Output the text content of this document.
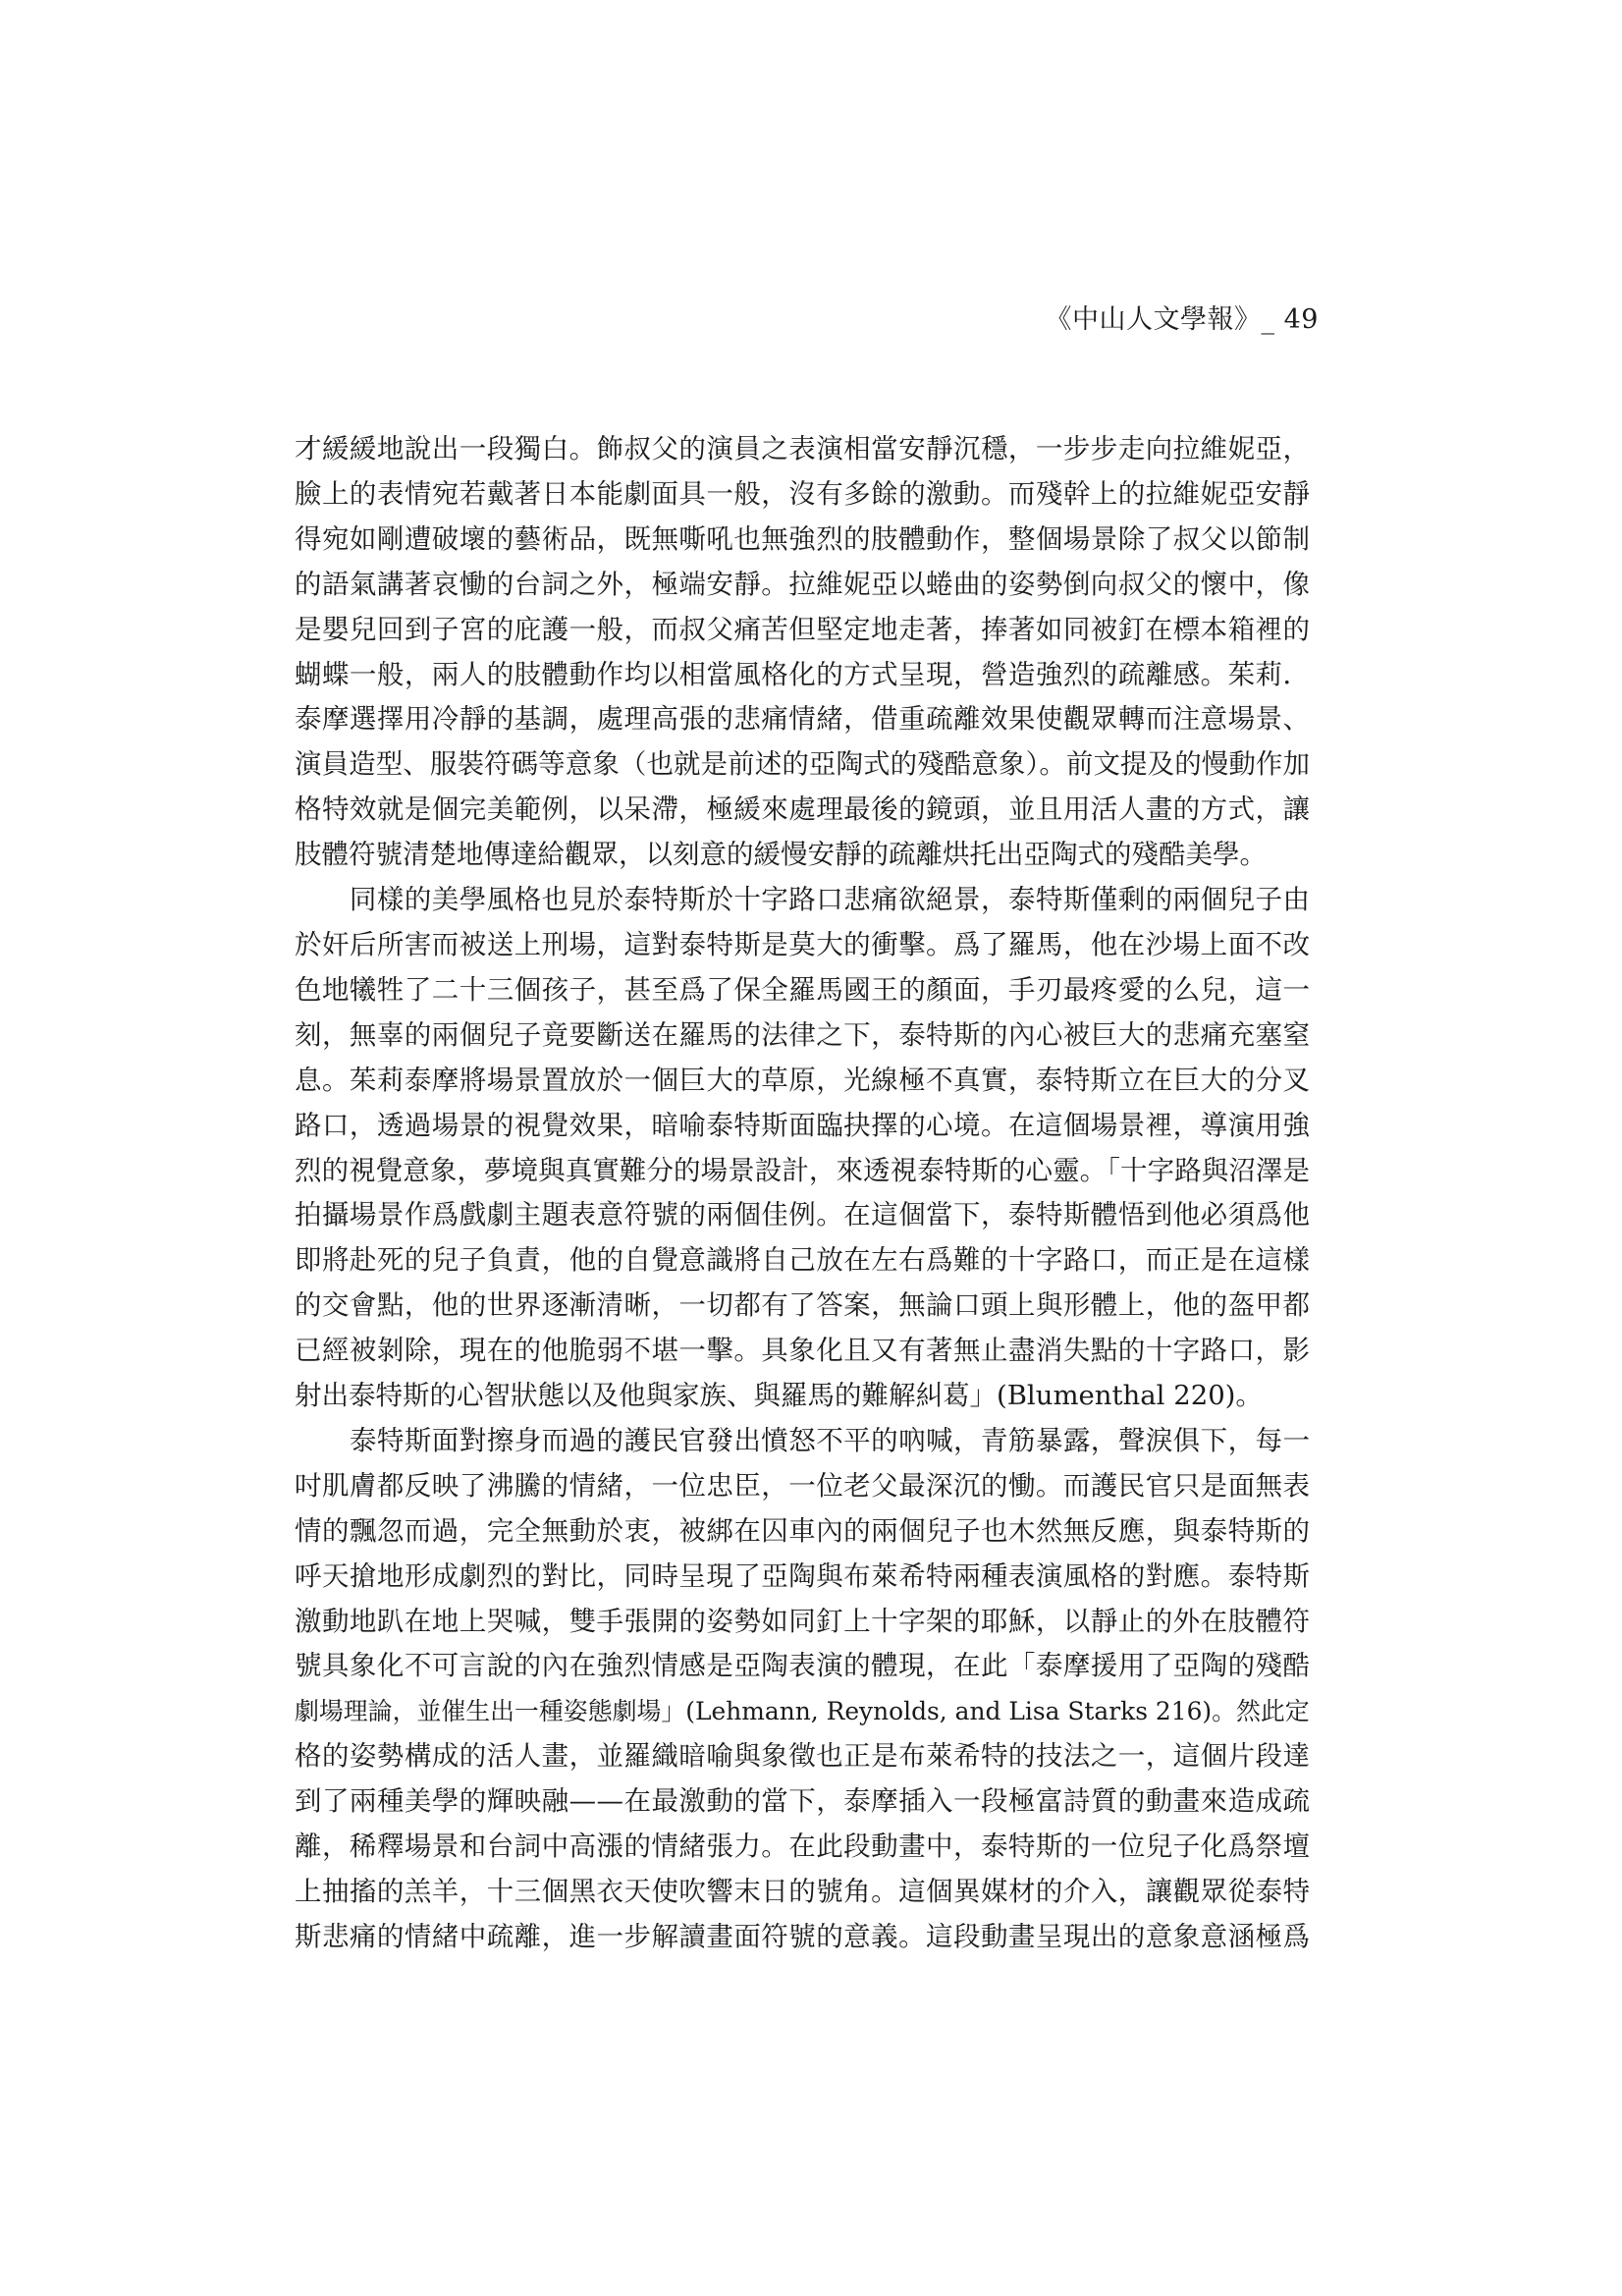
《中山人文學報》_ 49
才緩緩地說出一段獨白。飾叔父的演員之表演相當安靜沉穩，一步步走向拉維妮亞，
臉上的表情宛若戴著日本能劇面具一般，沒有多餘的激動。而殘幹上的拉維妮亞安靜
得宛如剛遭破壞的藝術品，既無嘶吼也無強烈的肢體動作，整個場景除了叔父以節制
的語氣講著哀慟的台詞之外，極端安靜。拉維妮亞以蜷曲的姿勢倒向叔父的懷中，像
是嬰兒回到子宮的庇護一般，而叔父痛苦但堅定地走著，捧著如同被釘在標本箱裡的
蝴蝶一般，兩人的肢體動作均以相當風格化的方式呈現，營造強烈的疏離感。茱莉．
泰摩選擇用冷靜的基調，處理高張的悲痛情緒，借重疏離效果使觀眾轉而注意場景、
演員造型、服裝符碼等意象（也就是前述的亞陶式的殘酷意象）。前文提及的慢動作加
格特效就是個完美範例，以呆滯，極緩來處理最後的鏡頭，並且用活人畫的方式，讓
肢體符號清楚地傳達給觀眾，以刻意的緩慢安靜的疏離烘托出亞陶式的殘酷美學。
　　同樣的美學風格也見於泰特斯於十字路口悲痛欲絕景，泰特斯僅剩的兩個兒子由
於奸后所害而被送上刑場，這對泰特斯是莫大的衝擊。爲了羅馬，他在沙場上面不改
色地犧牲了二十三個孩子，甚至爲了保全羅馬國王的顏面，手刃最疼愛的么兒，這一
刻，無辜的兩個兒子竟要斷送在羅馬的法律之下，泰特斯的內心被巨大的悲痛充塞窒
息。茱莉泰摩將場景置放於一個巨大的草原，光線極不真實，泰特斯立在巨大的分叉
路口，透過場景的視覺效果，暗喻泰特斯面臨抉擇的心境。在這個場景裡，導演用強
烈的視覺意象，夢境與真實難分的場景設計，來透視泰特斯的心靈。「十字路與沼澤是
拍攝場景作爲戲劇主題表意符號的兩個佳例。在這個當下，泰特斯體悟到他必須爲他
即將赴死的兒子負責，他的自覺意識將自己放在左右爲難的十字路口，而正是在這樣
的交會點，他的世界逐漸清晰，一切都有了答案，無論口頭上與形體上，他的盔甲都
已經被剝除，現在的他脆弱不堪一擊。具象化且又有著無止盡消失點的十字路口，影
射出泰特斯的心智狀態以及他與家族、與羅馬的難解糾葛」(Blumenthal 220)。
　　泰特斯面對擦身而過的護民官發出憤怒不平的吶喊，青筋暴露，聲淚俱下，每一
吋肌膚都反映了沸騰的情緒，一位忠臣，一位老父最深沉的慟。而護民官只是面無表
情的飄忽而過，完全無動於衷，被綁在囚車內的兩個兒子也木然無反應，與泰特斯的
呼天搶地形成劇烈的對比，同時呈現了亞陶與布萊希特兩種表演風格的對應。泰特斯
激動地趴在地上哭喊，雙手張開的姿勢如同釘上十字架的耶穌，以靜止的外在肢體符
號具象化不可言說的內在強烈情感是亞陶表演的體現，在此「泰摩援用了亞陶的殘酷
劇場理論，並催生出一種姿態劇場」(Lehmann, Reynolds, and Lisa Starks 216)。然此定
格的姿勢構成的活人畫，並羅織暗喻與象徵也正是布萊希特的技法之一，這個片段達
到了兩種美學的輝映融——在最激動的當下，泰摩插入一段極富詩質的動畫來造成疏
離，稀釋場景和台詞中高漲的情緒張力。在此段動畫中，泰特斯的一位兒子化爲祭壇
上抽搐的羔羊，十三個黑衣天使吹響末日的號角。這個異媒材的介入，讓觀眾從泰特
斯悲痛的情緒中疏離，進一步解讀畫面符號的意義。這段動畫呈現出的意象意涵極爲
